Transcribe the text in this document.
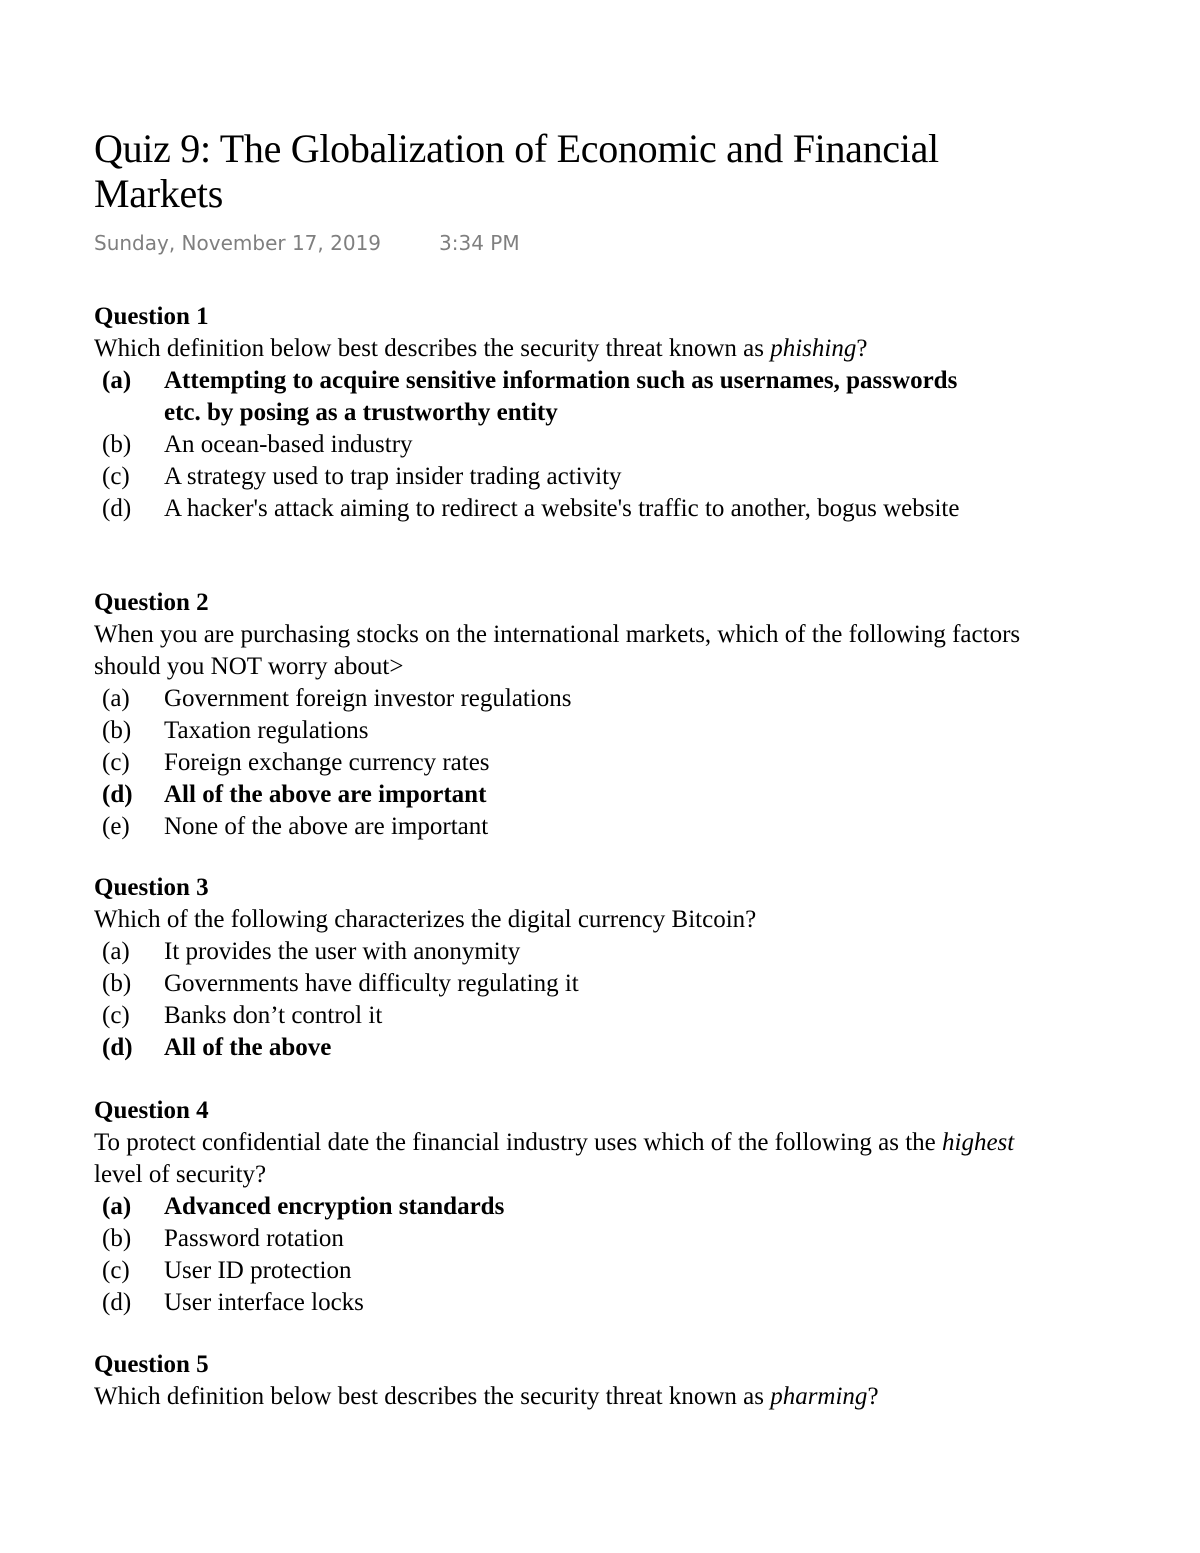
Quiz 9: The Globalization of Economic and Financial Markets
Sunday, November 17, 2019	3:34 PM

Question 1

Which definition below best describes the security threat known as phishing?

(a)	Attempting to acquire sensitive information such as usernames, passwords etc. by posing as a trustworthy entity
(b)	An ocean-based industry
(c)	A strategy used to trap insider trading activity
(d)	A hacker's attack aiming to redirect a website's traffic to another, bogus website

Question 2

When you are purchasing stocks on the international markets, which of the following factors should you NOT worry about>

(a)	Government foreign investor regulations
(b)	Taxation regulations
(c)	Foreign exchange currency rates
(d)	All of the above are important
(e)	None of the above are important

Question 3

Which of the following characterizes the digital currency Bitcoin?

(a)	It provides the user with anonymity
(b)	Governments have difficulty regulating it
(c)	Banks don’t control it
(d)	All of the above

Question 4

To protect confidential date the financial industry uses which of the following as the highest level of security?

(a)	Advanced encryption standards
(b)	Password rotation
(c)	User ID protection
(d)	User interface locks

Question 5

Which definition below best describes the security threat known as pharming?
